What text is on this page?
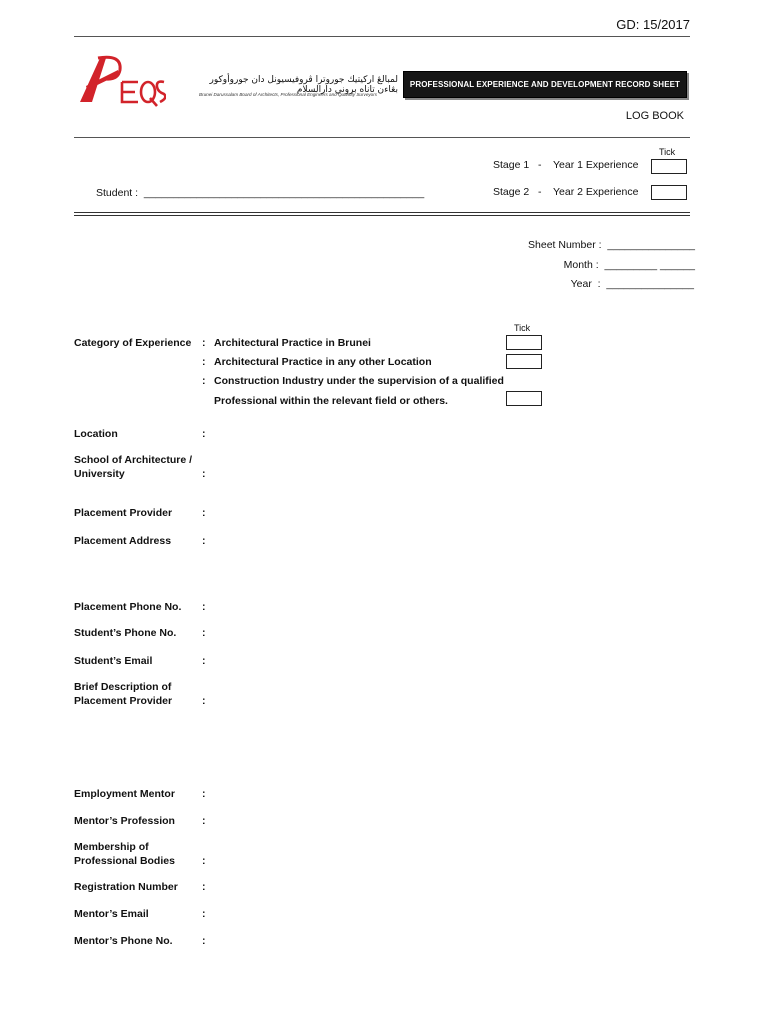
GD: 15/2017
لمبالڠ اركيتيك جوروترا ڤروفيسيونل دان جوروأوكور بڠاءن تاناه بروني دارالسلام
Brunei Darussalam Board of Architects, Professional Engineers and Quantity Surveyors
PROFESSIONAL EXPERIENCE AND DEVELOPMENT RECORD SHEET
LOG BOOK
Tick
Stage 1 - Year 1 Experience
Student :  ________________________________________________	Stage 2 - Year 2 Experience
Sheet Number :  _______________
Month :  _________ ______
Year  :  _______________
Tick
Category of Experience : Architectural Practice in Brunei
: Architectural Practice in any other Location
: Construction Industry under the supervision of a qualified
Professional within the relevant field or others.
Location	:
School of Architecture /
University	:
Placement Provider	:
Placement Address	:
Placement Phone No. :
Student’s Phone No. :
Student’s Email	:
Brief Description of
Placement Provider	:
Employment Mentor	:
Mentor’s Profession	:
Membership of
Professional Bodies	:
Registration Number :
Mentor’s Email	:
Mentor’s Phone No.	:
